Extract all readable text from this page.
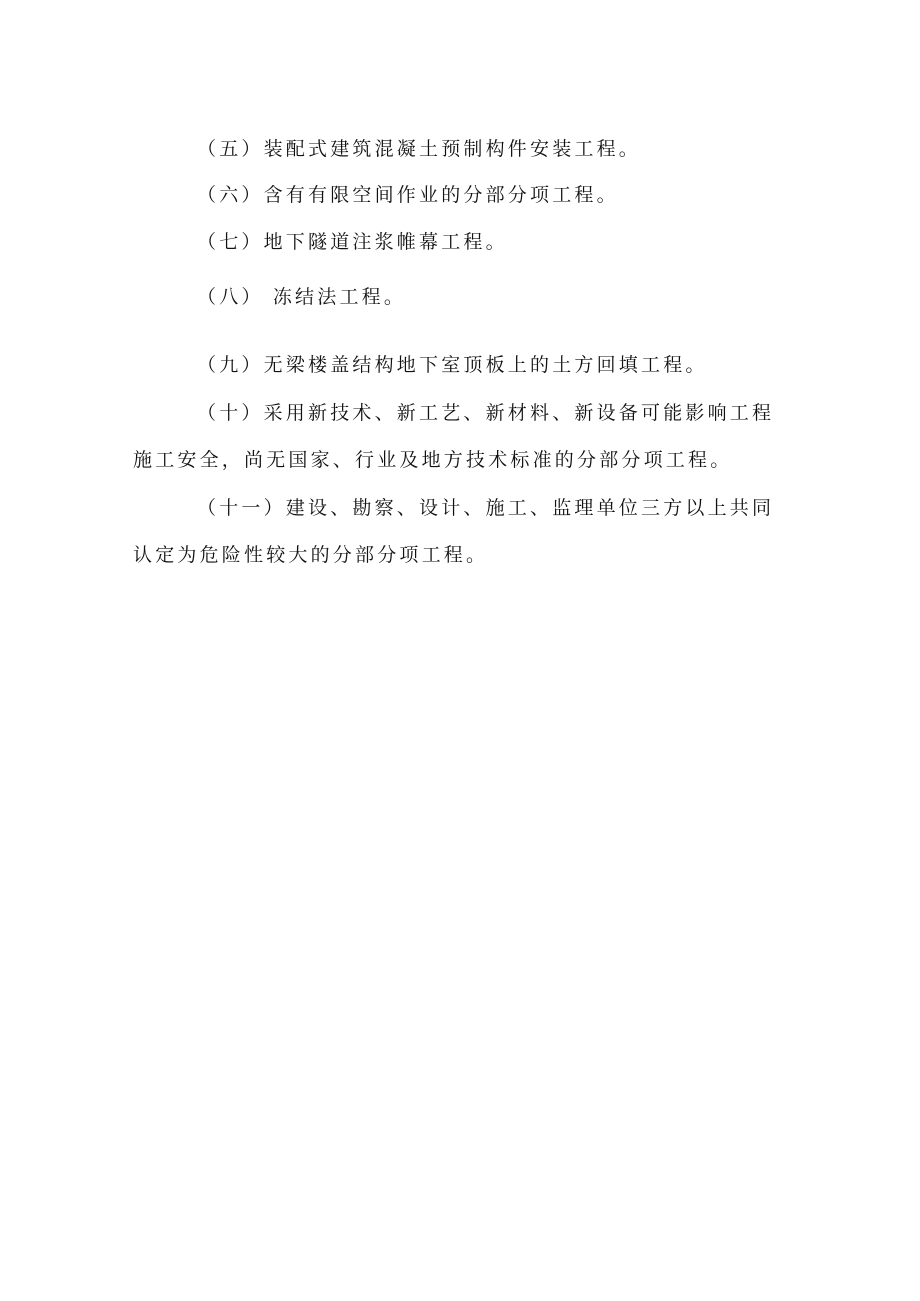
（五）装配式建筑混凝土预制构件安装工程。

（六）含有有限空间作业的分部分项工程。

（七）地下隧道注浆帷幕工程。

（八） 冻结法工程。

（九）无梁楼盖结构地下室顶板上的土方回填工程。

（十）采用新技术、新工艺、新材料、新设备可能影响工程施工安全，尚无国家、行业及地方技术标准的分部分项工程。

（十一）建设、勘察、设计、施工、监理单位三方以上共同认定为危险性较大的分部分项工程。
